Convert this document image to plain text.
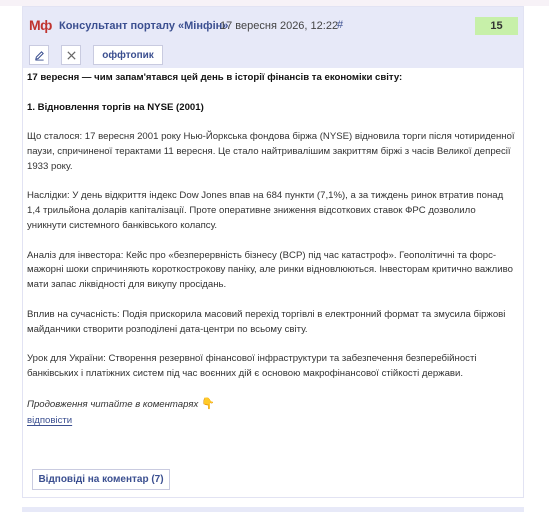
Мф Консультант порталу «Мінфін»
17 вересня 2026, 12:22
#	15
оффтопик

17 вересня — чим запам'ятався цей день в історії фінансів та економіки світу:

1. Відновлення торгів на NYSE (2001)

Що сталося: 17 вересня 2001 року Нью-Йоркська фондова біржа (NYSE) відновила торги після чотириденної паузи, спричиненої терактами 11 вересня. Це стало найтривалішим закриттям біржі з часів Великої депресії 1933 року.

Наслідки: У день відкриття індекс Dow Jones впав на 684 пункти (7,1%), а за тиждень ринок втратив понад 1,4 трильйона доларів капіталізації. Проте оперативне зниження відсоткових ставок ФРС дозволило уникнути системного банківського колапсу.

Аналіз для інвестора: Кейс про «безперервність бізнесу (BCP) під час катастроф». Геополітичні та форс-мажорні шоки спричиняють короткострокову паніку, але ринки відновлюються. Інвесторам критично важливо мати запас ліквідності для викупу просідань.

Вплив на сучасність: Подія прискорила масовий перехід торгівлі в електронний формат та змусила біржові майданчики створити розподілені дата-центри по всьому світу.

Урок для України: Створення резервної фінансової інфраструктури та забезпечення безперебійності банківських і платіжних систем під час воєнних дій є основою макрофінансової стійкості держави.

Продовження читайте в коментарях 👇

відповісти
Відповіді на коментар (7)
